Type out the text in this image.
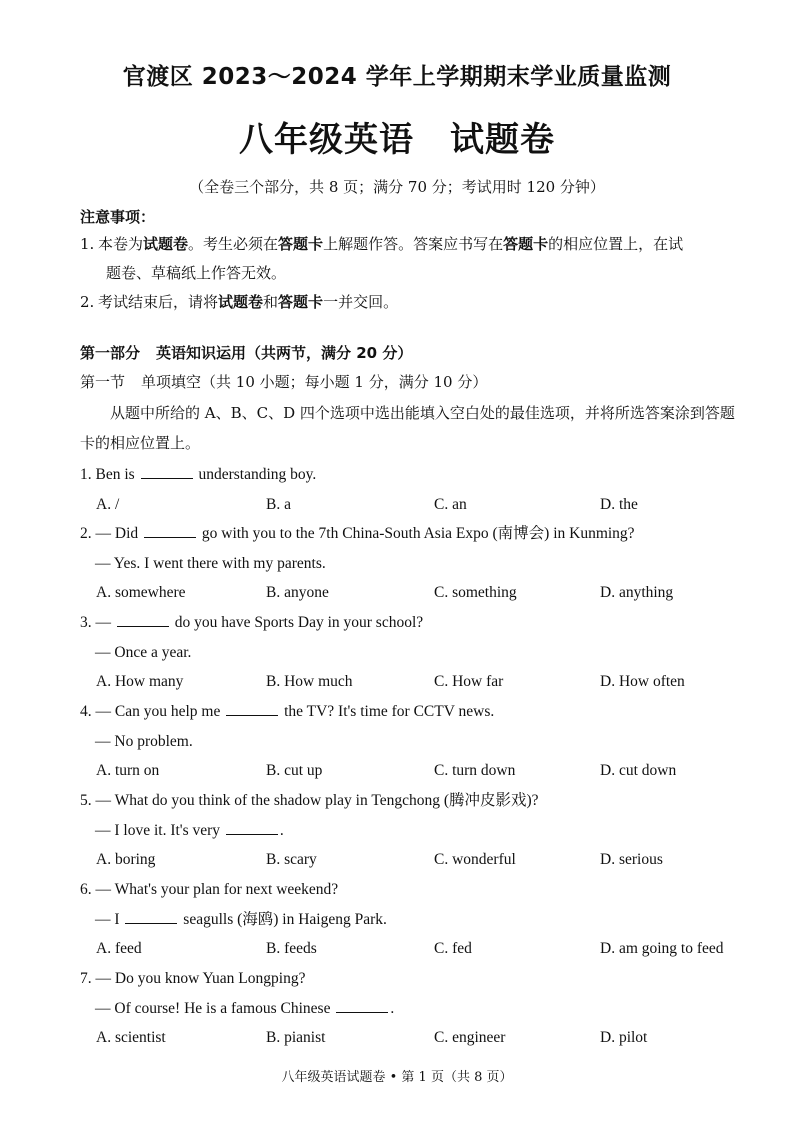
官渡区 2023～2024 学年上学期期末学业质量监测
八年级英语 试题卷
（全卷三个部分，共 8 页；满分 70 分；考试用时 120 分钟）
注意事项：
1. 本卷为试题卷。考生必须在答题卡上解题作答。答案应书写在答题卡的相应位置上，在试
题卷、草稿纸上作答无效。
2. 考试结束后，请将试题卷和答题卡一并交回。
第一部分 英语知识运用（共两节，满分 20 分）
第一节 单项填空（共 10 小题；每小题 1 分，满分 10 分）
从题中所给的 A、B、C、D 四个选项中选出能填入空白处的最佳选项，并将所选答案涂到答题卡的相应位置上。
1. Ben is	understanding boy.
A. /	B. a	C. an	D. the
2. — Did	go with you to the 7th China-South Asia Expo (南博会) in Kunming?
— Yes. I went there with my parents.
A. somewhere	B. anyone	C. something	D. anything
3. —	do you have Sports Day in your school?
— Once a year.
A. How many	B. How much	C. How far	D. How often
4. — Can you help me	the TV? It's time for CCTV news.
— No problem.
A. turn on	B. cut up	C. turn down	D. cut down
5. — What do you think of the shadow play in Tengchong (腾冲皮影戏)?
— I love it. It's very	.
A. boring	B. scary	C. wonderful	D. serious
6. — What's your plan for next weekend?
— I	seagulls (海鸥) in Haigeng Park.
A. feed	B. feeds	C. fed	D. am going to feed
7. — Do you know Yuan Longping?
— Of course! He is a famous Chinese	.
A. scientist	B. pianist	C. engineer	D. pilot
八年级英语试题卷 • 第 1 页（共 8 页）
